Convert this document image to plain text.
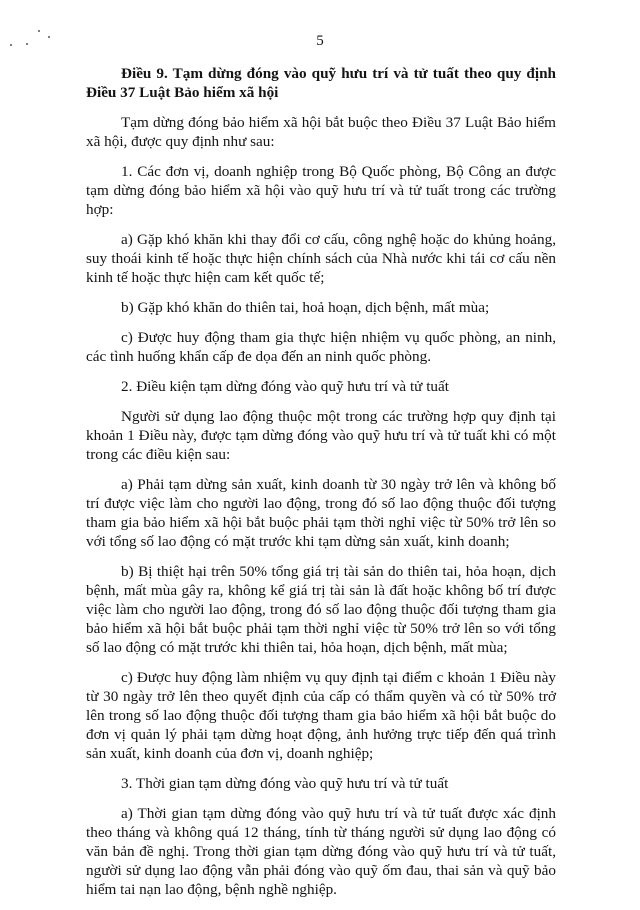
5
Điều 9. Tạm dừng đóng vào quỹ hưu trí và tử tuất theo quy định Điều 37 Luật Bảo hiểm xã hội

Tạm dừng đóng bảo hiểm xã hội bắt buộc theo Điều 37 Luật Bảo hiểm xã hội, được quy định như sau:

1. Các đơn vị, doanh nghiệp trong Bộ Quốc phòng, Bộ Công an được tạm dừng đóng bảo hiểm xã hội vào quỹ hưu trí và tử tuất trong các trường hợp:

a) Gặp khó khăn khi thay đổi cơ cấu, công nghệ hoặc do khủng hoảng, suy thoái kinh tế hoặc thực hiện chính sách của Nhà nước khi tái cơ cấu nền kinh tế hoặc thực hiện cam kết quốc tế;

b) Gặp khó khăn do thiên tai, hoả hoạn, dịch bệnh, mất mùa;

c) Được huy động tham gia thực hiện nhiệm vụ quốc phòng, an ninh, các tình huống khẩn cấp đe dọa đến an ninh quốc phòng.

2. Điều kiện tạm dừng đóng vào quỹ hưu trí và tử tuất

Người sử dụng lao động thuộc một trong các trường hợp quy định tại khoản 1 Điều này, được tạm dừng đóng vào quỹ hưu trí và tử tuất khi có một trong các điều kiện sau:

a) Phải tạm dừng sản xuất, kinh doanh từ 30 ngày trở lên và không bố trí được việc làm cho người lao động, trong đó số lao động thuộc đối tượng tham gia bảo hiểm xã hội bắt buộc phải tạm thời nghỉ việc từ 50% trở lên so với tổng số lao động có mặt trước khi tạm dừng sản xuất, kinh doanh;

b) Bị thiệt hại trên 50% tổng giá trị tài sản do thiên tai, hỏa hoạn, dịch bệnh, mất mùa gây ra, không kể giá trị tài sản là đất hoặc không bố trí được việc làm cho người lao động, trong đó số lao động thuộc đối tượng tham gia bảo hiểm xã hội bắt buộc phải tạm thời nghỉ việc từ 50% trở lên so với tổng số lao động có mặt trước khi thiên tai, hỏa hoạn, dịch bệnh, mất mùa;

c) Được huy động làm nhiệm vụ quy định tại điểm c khoản 1 Điều này từ 30 ngày trở lên theo quyết định của cấp có thẩm quyền và có từ 50% trở lên trong số lao động thuộc đối tượng tham gia bảo hiểm xã hội bắt buộc do đơn vị quản lý phải tạm dừng hoạt động, ảnh hưởng trực tiếp đến quá trình sản xuất, kinh doanh của đơn vị, doanh nghiệp;

3. Thời gian tạm dừng đóng vào quỹ hưu trí và tử tuất

a) Thời gian tạm dừng đóng vào quỹ hưu trí và tử tuất được xác định theo tháng và không quá 12 tháng, tính từ tháng người sử dụng lao động có văn bản đề nghị. Trong thời gian tạm dừng đóng vào quỹ hưu trí và tử tuất, người sử dụng lao động vẫn phải đóng vào quỹ ốm đau, thai sản và quỹ bảo hiểm tai nạn lao động, bệnh nghề nghiệp.
